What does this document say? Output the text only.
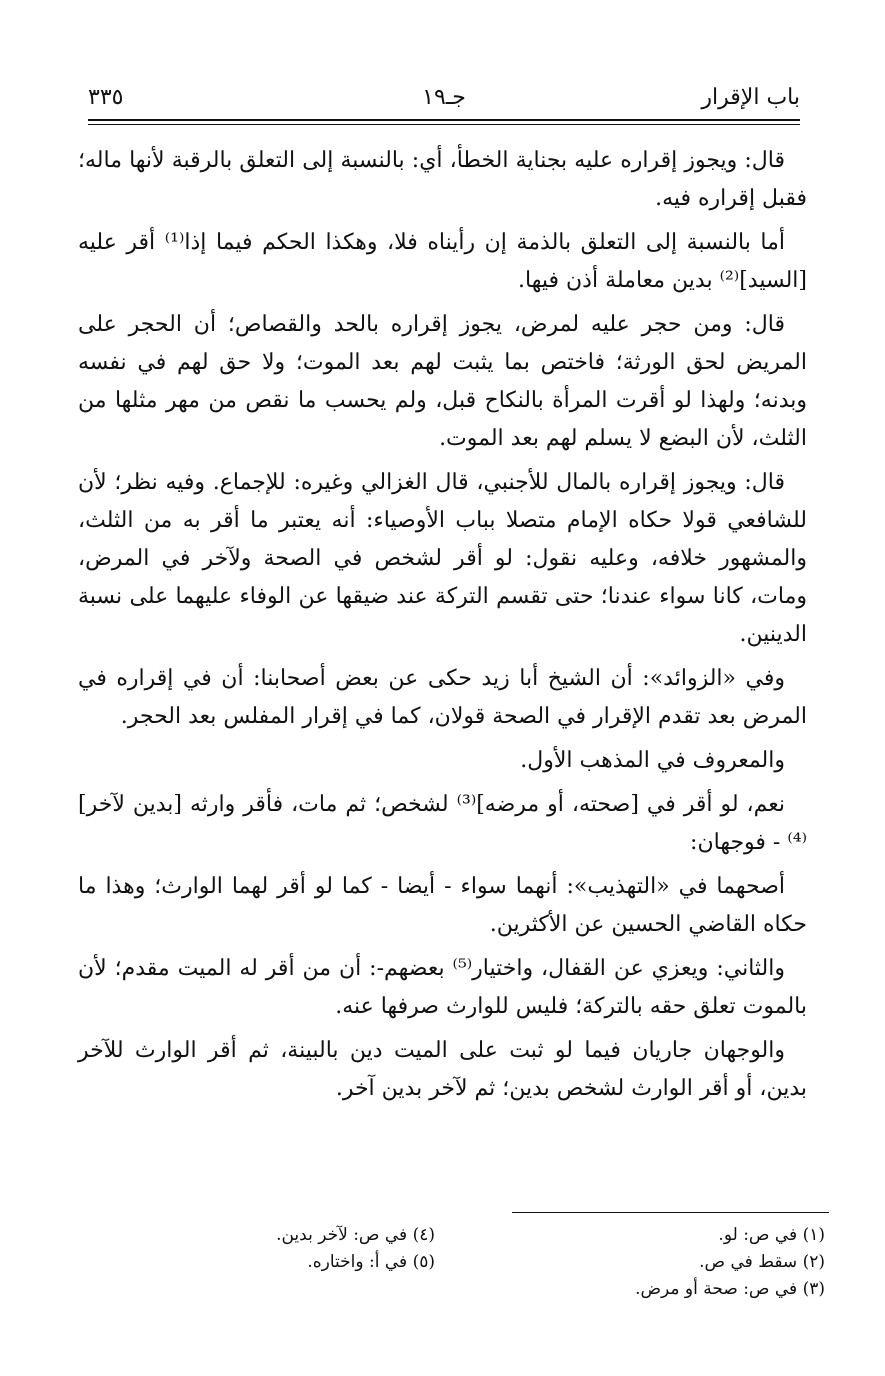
باب الإقرار
جـ١٩
٣٣٥

قال: ويجوز إقراره عليه بجناية الخطأ، أي: بالنسبة إلى التعلق بالرقبة لأنها ماله؛ فقبل إقراره فيه.

أما بالنسبة إلى التعلق بالذمة إن رأيناه فلا، وهكذا الحكم فيما إذا⁽¹⁾ أقر عليه [السيد]⁽²⁾ بدين معاملة أذن فيها.

قال: ومن حجر عليه لمرض، يجوز إقراره بالحد والقصاص؛ أن الحجر على المريض لحق الورثة؛ فاختص بما يثبت لهم بعد الموت؛ ولا حق لهم في نفسه وبدنه؛ ولهذا لو أقرت المرأة بالنكاح قبل، ولم يحسب ما نقص من مهر مثلها من الثلث، لأن البضع لا يسلم لهم بعد الموت.

قال: ويجوز إقراره بالمال للأجنبي، قال الغزالي وغيره: للإجماع. وفيه نظر؛ لأن للشافعي قولا حكاه الإمام متصلا بباب الأوصياء: أنه يعتبر ما أقر به من الثلث، والمشهور خلافه، وعليه نقول: لو أقر لشخص في الصحة ولآخر في المرض، ومات، كانا سواء عندنا؛ حتى تقسم التركة عند ضيقها عن الوفاء عليهما على نسبة الدينين.

وفي «الزوائد»: أن الشيخ أبا زيد حكى عن بعض أصحابنا: أن في إقراره في المرض بعد تقدم الإقرار في الصحة قولان، كما في إقرار المفلس بعد الحجر.

والمعروف في المذهب الأول.

نعم، لو أقر في [صحته، أو مرضه]⁽³⁾ لشخص؛ ثم مات، فأقر وارثه [بدين لآخر]⁽⁴⁾ - فوجهان:

أصحهما في «التهذيب»: أنهما سواء - أيضا - كما لو أقر لهما الوارث؛ وهذا ما حكاه القاضي الحسين عن الأكثرين.

والثاني: ويعزي عن القفال، واختيار⁽⁵⁾ بعضهم-: أن من أقر له الميت مقدم؛ لأن بالموت تعلق حقه بالتركة؛ فليس للوارث صرفها عنه.

والوجهان جاريان فيما لو ثبت على الميت دين بالبينة، ثم أقر الوارث للآخر بدين، أو أقر الوارث لشخص بدين؛ ثم لآخر بدين آخر.

(١) في ص: لو.
(٢) سقط في ص.
(٣) في ص: صحة أو مرض.
(٤) في ص: لآخر بدين.
(٥) في أ: واختاره.
